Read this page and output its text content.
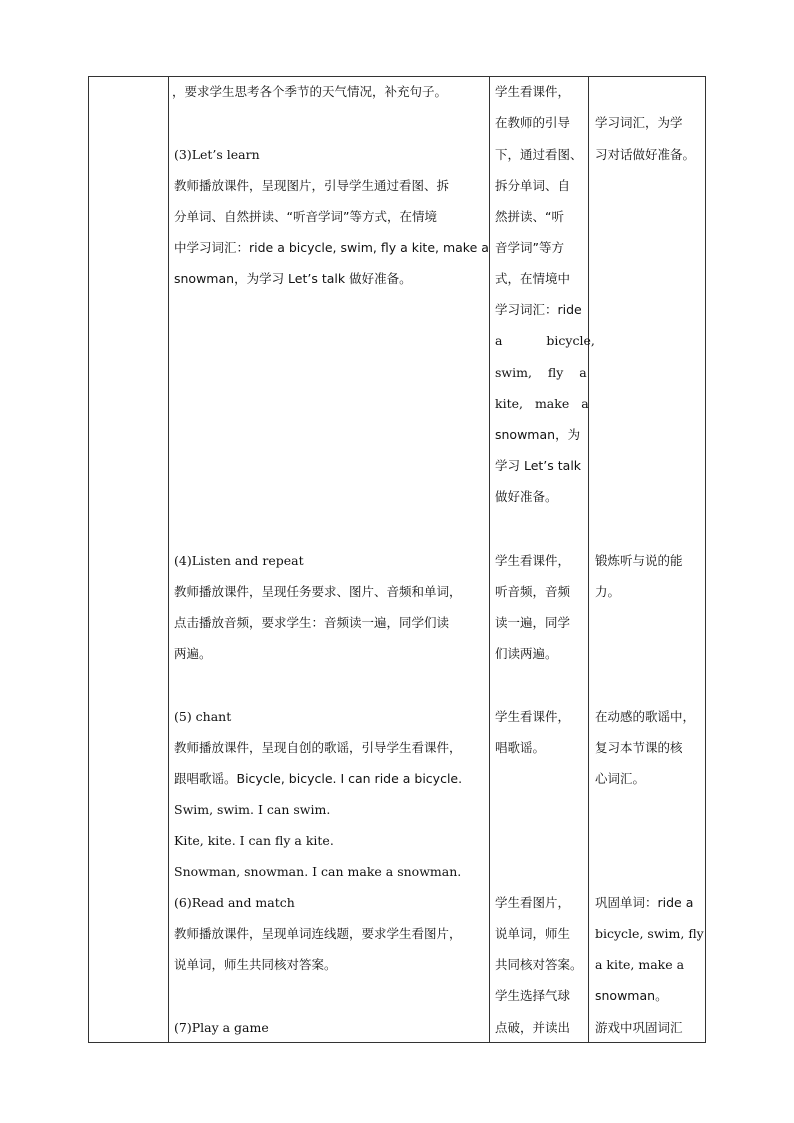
，要求学生思考各个季节的天气情况，补充句子。
(3)Let’s learn
教师播放课件，呈现图片，引导学生通过看图、拆
分单词、自然拼读、“听音学词”等方式，在情境
中学习词汇：ride a bicycle, swim, fly a kite, make a
snowman，为学习 Let’s talk 做好准备。
(4)Listen and repeat
教师播放课件，呈现任务要求、图片、音频和单词，
点击播放音频，要求学生：音频读一遍，同学们读
两遍。
(5) chant
教师播放课件，呈现自创的歌谣，引导学生看课件，
跟唱歌谣。Bicycle, bicycle. I can ride a bicycle.
Swim, swim. I can swim.
Kite, kite. I can fly a kite.
Snowman, snowman. I can make a snowman.
(6)Read and match
教师播放课件，呈现单词连线题，要求学生看图片，
说单词，师生共同核对答案。
(7)Play a game
学生看课件，
在教师的引导
下，通过看图、
拆分单词、自
然拼读、“听
音学词”等方
式，在情境中
学习词汇：ride
a bicycle,
swim, fly a
kite, make a
snowman，为
学习 Let’s talk
做好准备。
学生看课件，
听音频，音频
读一遍，同学
们读两遍。
学生看课件，
唱歌谣。
学生看图片，
说单词，师生
共同核对答案。
学生选择气球
点破，并读出
学习词汇，为学
习对话做好准备。
锻炼听与说的能
力。
在动感的歌谣中，
复习本节课的核
心词汇。
巩固单词：ride a
bicycle, swim, fly
a kite, make a
snowman。
游戏中巩固词汇
